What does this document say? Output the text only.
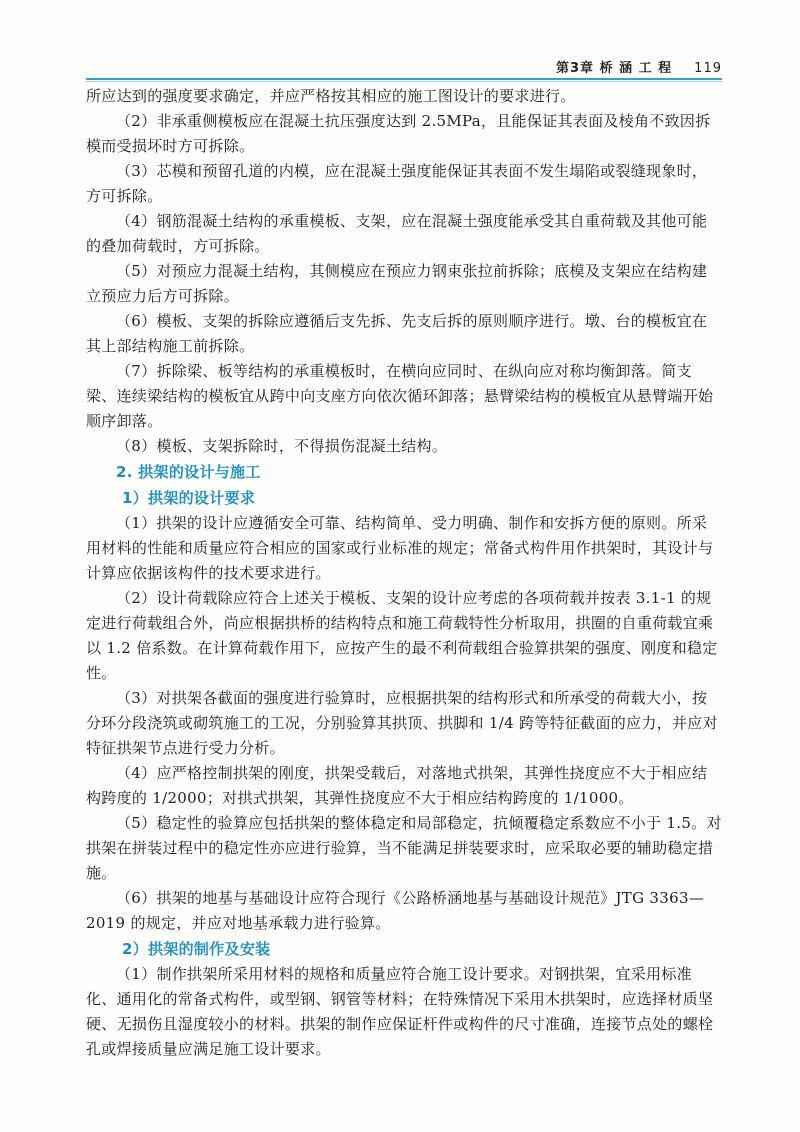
第3章 桥 涵 工 程 119
所应达到的强度要求确定，并应严格按其相应的施工图设计的要求进行。
（2）非承重侧模板应在混凝土抗压强度达到 2.5MPa，且能保证其表面及棱角不致因拆模而受损坏时方可拆除。
（3）芯模和预留孔道的内模，应在混凝土强度能保证其表面不发生塌陷或裂缝现象时，方可拆除。
（4）钢筋混凝土结构的承重模板、支架，应在混凝土强度能承受其自重荷载及其他可能的叠加荷载时，方可拆除。
（5）对预应力混凝土结构，其侧模应在预应力钢束张拉前拆除；底模及支架应在结构建立预应力后方可拆除。
（6）模板、支架的拆除应遵循后支先拆、先支后拆的原则顺序进行。墩、台的模板宜在其上部结构施工前拆除。
（7）拆除梁、板等结构的承重模板时，在横向应同时、在纵向应对称均衡卸落。简支梁、连续梁结构的模板宜从跨中向支座方向依次循环卸落；悬臂梁结构的模板宜从悬臂端开始顺序卸落。
（8）模板、支架拆除时，不得损伤混凝土结构。
2. 拱架的设计与施工
1）拱架的设计要求
（1）拱架的设计应遵循安全可靠、结构简单、受力明确、制作和安拆方便的原则。所采用材料的性能和质量应符合相应的国家或行业标准的规定；常备式构件用作拱架时，其设计与计算应依据该构件的技术要求进行。
（2）设计荷载除应符合上述关于模板、支架的设计应考虑的各项荷载并按表 3.1-1 的规定进行荷载组合外，尚应根据拱桥的结构特点和施工荷载特性分析取用，拱圈的自重荷载宜乘以 1.2 倍系数。在计算荷载作用下，应按产生的最不利荷载组合验算拱架的强度、刚度和稳定性。
（3）对拱架各截面的强度进行验算时，应根据拱架的结构形式和所承受的荷载大小，按分环分段浇筑或砌筑施工的工况，分别验算其拱顶、拱脚和 1/4 跨等特征截面的应力，并应对特征拱架节点进行受力分析。
（4）应严格控制拱架的刚度，拱架受载后，对落地式拱架，其弹性挠度应不大于相应结构跨度的 1/2000；对拱式拱架，其弹性挠度应不大于相应结构跨度的 1/1000。
（5）稳定性的验算应包括拱架的整体稳定和局部稳定，抗倾覆稳定系数应不小于 1.5。对拱架在拼装过程中的稳定性亦应进行验算，当不能满足拼装要求时，应采取必要的辅助稳定措施。
（6）拱架的地基与基础设计应符合现行《公路桥涵地基与基础设计规范》JTG 3363—2019 的规定，并应对地基承载力进行验算。
2）拱架的制作及安装
（1）制作拱架所采用材料的规格和质量应符合施工设计要求。对钢拱架，宜采用标准化、通用化的常备式构件，或型钢、钢管等材料；在特殊情况下采用木拱架时，应选择材质坚硬、无损伤且湿度较小的材料。拱架的制作应保证杆件或构件的尺寸准确，连接节点处的螺栓孔或焊接质量应满足施工设计要求。
